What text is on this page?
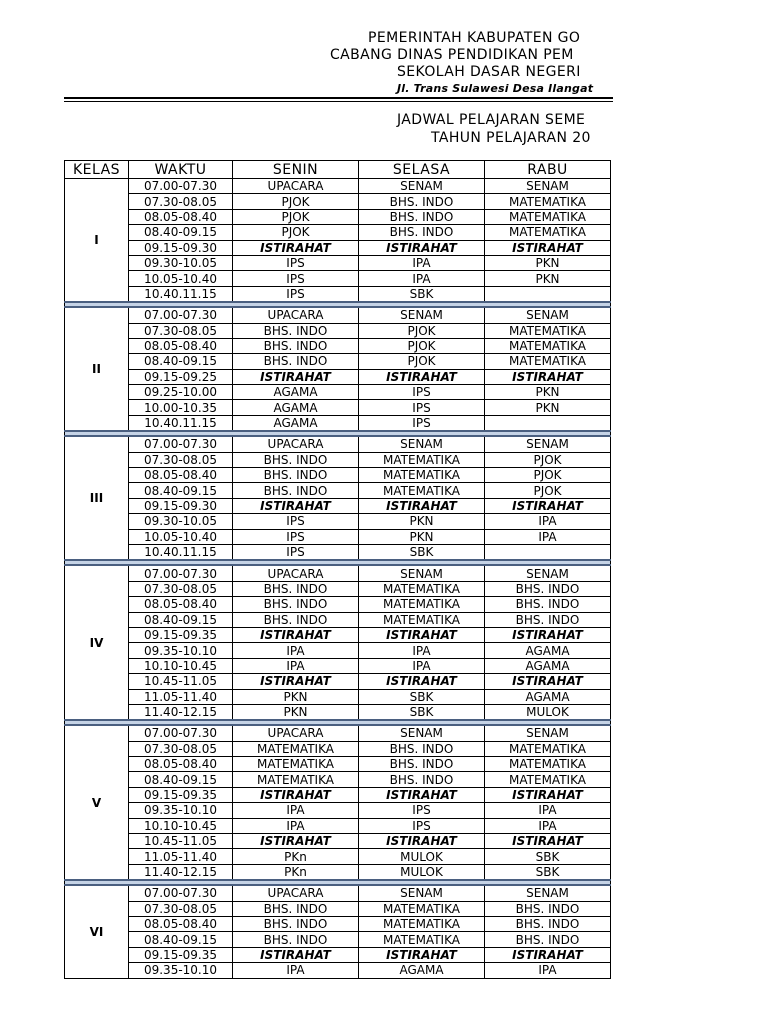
PEMERINTAH KABUPATEN GO
CABANG DINAS PENDIDIKAN PEM
SEKOLAH DASAR NEGERI
Jl. Trans Sulawesi Desa Ilangat
JADWAL PELAJARAN SEME
TAHUN PELAJARAN 20
KELAS	WAKTU	SENIN	SELASA	RABU
I	07.00-07.30	UPACARA	SENAM	SENAM
	07.30-08.05	PJOK	BHS. INDO	MATEMATIKA
	08.05-08.40	PJOK	BHS. INDO	MATEMATIKA
	08.40-09.15	PJOK	BHS. INDO	MATEMATIKA
	09.15-09.30	ISTIRAHAT	ISTIRAHAT	ISTIRAHAT
	09.30-10.05	IPS	IPA	PKN
	10.05-10.40	IPS	IPA	PKN
	10.40.11.15	IPS	SBK	

II	07.00-07.30	UPACARA	SENAM	SENAM
	07.30-08.05	BHS. INDO	PJOK	MATEMATIKA
	08.05-08.40	BHS. INDO	PJOK	MATEMATIKA
	08.40-09.15	BHS. INDO	PJOK	MATEMATIKA
	09.15-09.25	ISTIRAHAT	ISTIRAHAT	ISTIRAHAT
	09.25-10.00	AGAMA	IPS	PKN
	10.00-10.35	AGAMA	IPS	PKN
	10.40.11.15	AGAMA	IPS	

III	07.00-07.30	UPACARA	SENAM	SENAM
	07.30-08.05	BHS. INDO	MATEMATIKA	PJOK
	08.05-08.40	BHS. INDO	MATEMATIKA	PJOK
	08.40-09.15	BHS. INDO	MATEMATIKA	PJOK
	09.15-09.30	ISTIRAHAT	ISTIRAHAT	ISTIRAHAT
	09.30-10.05	IPS	PKN	IPA
	10.05-10.40	IPS	PKN	IPA
	10.40.11.15	IPS	SBK	

IV	07.00-07.30	UPACARA	SENAM	SENAM
	07.30-08.05	BHS. INDO	MATEMATIKA	BHS. INDO
	08.05-08.40	BHS. INDO	MATEMATIKA	BHS. INDO
	08.40-09.15	BHS. INDO	MATEMATIKA	BHS. INDO
	09.15-09.35	ISTIRAHAT	ISTIRAHAT	ISTIRAHAT
	09.35-10.10	IPA	IPA	AGAMA
	10.10-10.45	IPA	IPA	AGAMA
	10.45-11.05	ISTIRAHAT	ISTIRAHAT	ISTIRAHAT
	11.05-11.40	PKN	SBK	AGAMA
	11.40-12.15	PKN	SBK	MULOK

V	07.00-07.30	UPACARA	SENAM	SENAM
	07.30-08.05	MATEMATIKA	BHS. INDO	MATEMATIKA
	08.05-08.40	MATEMATIKA	BHS. INDO	MATEMATIKA
	08.40-09.15	MATEMATIKA	BHS. INDO	MATEMATIKA
	09.15-09.35	ISTIRAHAT	ISTIRAHAT	ISTIRAHAT
	09.35-10.10	IPA	IPS	IPA
	10.10-10.45	IPA	IPS	IPA
	10.45-11.05	ISTIRAHAT	ISTIRAHAT	ISTIRAHAT
	11.05-11.40	PKn	MULOK	SBK
	11.40-12.15	PKn	MULOK	SBK

VI	07.00-07.30	UPACARA	SENAM	SENAM
	07.30-08.05	BHS. INDO	MATEMATIKA	BHS. INDO
	08.05-08.40	BHS. INDO	MATEMATIKA	BHS. INDO
	08.40-09.15	BHS. INDO	MATEMATIKA	BHS. INDO
	09.15-09.35	ISTIRAHAT	ISTIRAHAT	ISTIRAHAT
	09.35-10.10	IPA	AGAMA	IPA
